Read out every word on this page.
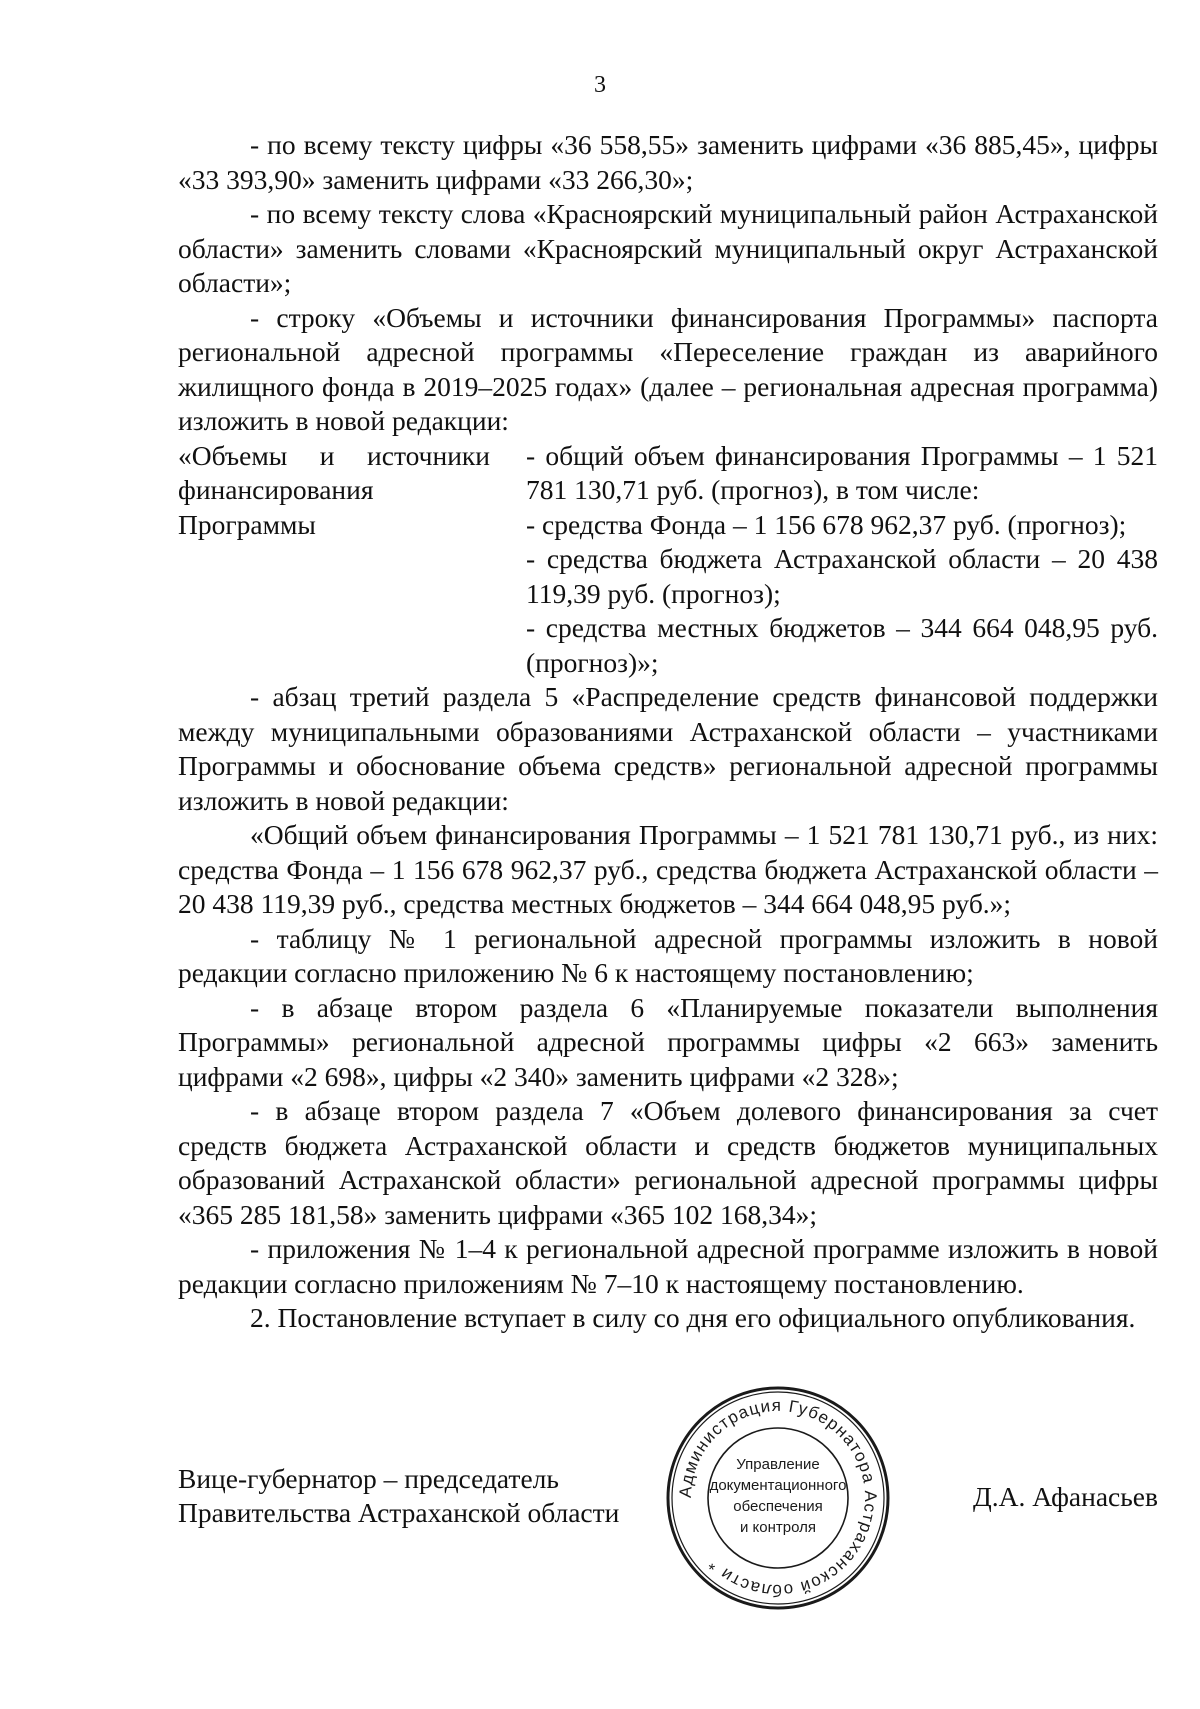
3

- по всему тексту цифры «36 558,55» заменить цифрами «36 885,45», цифры «33 393,90» заменить цифрами «33 266,30»;

- по всему тексту слова «Красноярский муниципальный район Астраханской области» заменить словами «Красноярский муниципальный округ Астраханской области»;

- строку «Объемы и источники финансирования Программы» паспорта региональной адресной программы «Переселение граждан из аварийного жилищного фонда в 2019–2025 годах» (далее – региональная адресная программа) изложить в новой редакции:

«Объемы и источники финансирования Программы

- общий объем финансирования Программы – 1 521 781 130,71 руб. (прогноз), в том числе:

- средства Фонда – 1 156 678 962,37 руб. (прогноз);

- средства бюджета Астраханской области – 20 438 119,39 руб. (прогноз);

- средства местных бюджетов – 344 664 048,95 руб. (прогноз)»;

- абзац третий раздела 5 «Распределение средств финансовой поддержки между муниципальными образованиями Астраханской области – участниками Программы и обоснование объема средств» региональной адресной программы изложить в новой редакции:

«Общий объем финансирования Программы – 1 521 781 130,71 руб., из них: средства Фонда – 1 156 678 962,37 руб., средства бюджета Астраханской области – 20 438 119,39 руб., средства местных бюджетов – 344 664 048,95 руб.»;

- таблицу № 1 региональной адресной программы изложить в новой редакции согласно приложению № 6 к настоящему постановлению;

- в абзаце втором раздела 6 «Планируемые показатели выполнения Программы» региональной адресной программы цифры «2 663» заменить цифрами «2 698», цифры «2 340» заменить цифрами «2 328»;

- в абзаце втором раздела 7 «Объем долевого финансирования за счет средств бюджета Астраханской области и средств бюджетов муниципальных образований Астраханской области» региональной адресной программы цифры «365 285 181,58» заменить цифрами «365 102 168,34»;

- приложения № 1–4 к региональной адресной программе изложить в новой редакции согласно приложениям № 7–10 к настоящему постановлению.

2. Постановление вступает в силу со дня его официального опубликования.

Вице-губернатор – председатель
Правительства Астраханской области
Д.А. Афанасьев
Администрация Губернатора Астраханской области *
Управление
документационного
обеспечения
и контроля
